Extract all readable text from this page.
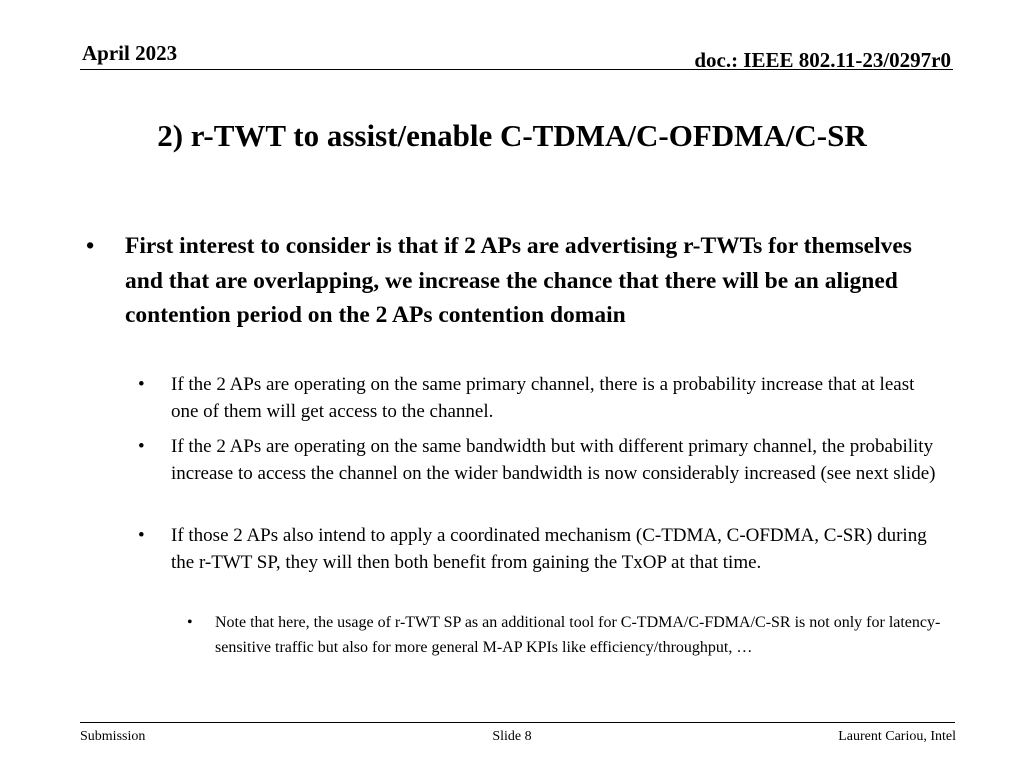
April 2023	doc.: IEEE 802.11-23/0297r0
2) r-TWT to assist/enable C-TDMA/C-OFDMA/C-SR
• First interest to consider is that if 2 APs are advertising r-TWTs for themselves and that are overlapping, we increase the chance that there will be an aligned contention period on the 2 APs contention domain
• If the 2 APs are operating on the same primary channel, there is a probability increase that at least one of them will get access to the channel.
• If the 2 APs are operating on the same bandwidth but with different primary channel, the probability increase to access the channel on the wider bandwidth is now considerably increased (see next slide)
• If those 2 APs also intend to apply a coordinated mechanism (C-TDMA, C-OFDMA, C-SR) during the r-TWT SP, they will then both benefit from gaining the TxOP at that time.
• Note that here, the usage of r-TWT SP as an additional tool for C-TDMA/C-FDMA/C-SR is not only for latency-sensitive traffic but also for more general M-AP KPIs like efficiency/throughput, …
Submission	Slide 8	Laurent Cariou, Intel
